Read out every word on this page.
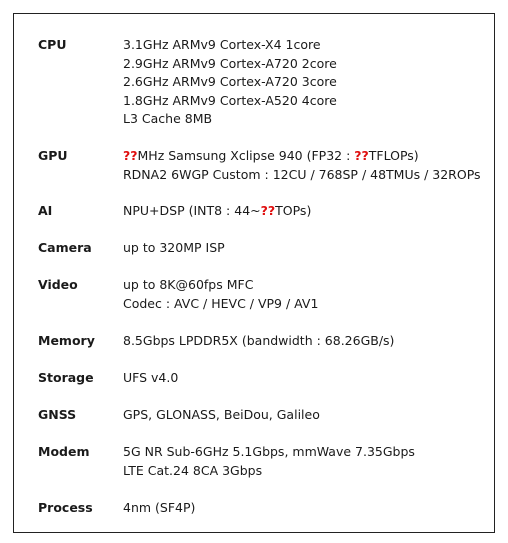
CPU	3.1GHz ARMv9 Cortex-X4 1core
2.9GHz ARMv9 Cortex-A720 2core
2.6GHz ARMv9 Cortex-A720 3core
1.8GHz ARMv9 Cortex-A520 4core
L3 Cache 8MB
GPU	??MHz Samsung Xclipse 940 (FP32 : ??TFLOPs)
RDNA2 6WGP Custom : 12CU / 768SP / 48TMUs / 32ROPs
AI	NPU+DSP (INT8 : 44~??TOPs)
Camera	up to 320MP ISP
Video	up to 8K@60fps MFC
Codec : AVC / HEVC / VP9 / AV1
Memory 8.5Gbps LPDDR5X (bandwidth : 68.26GB/s)
Storage UFS v4.0
GNSS	GPS, GLONASS, BeiDou, Galileo
Modem	5G NR Sub-6GHz 5.1Gbps, mmWave 7.35Gbps
LTE Cat.24 8CA 3Gbps
Process 4nm (SF4P)
